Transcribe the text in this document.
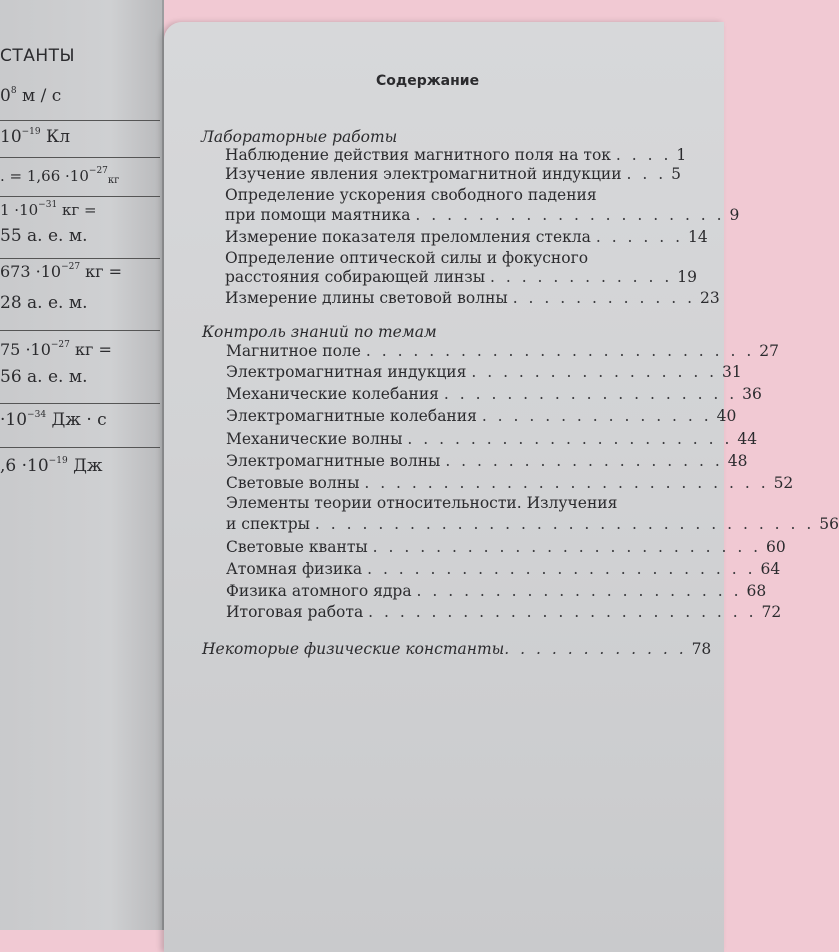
СТАНТЫ
$0^8$ м / с
$10^{-19}$ Кл
. = $1,66 \cdot 10^{-27}_{кг}$
$1 \cdot 10^{-31}$ кг =
55 а. е. м.
$673 \cdot 10^{-27}$ кг =
28 а. е. м.
$75 \cdot 10^{-27}$ кг =
56 а. е. м.
$\cdot 10^{-34}$ Дж · с
$,6 \cdot 10^{-19}$ Дж
Содержание
Лабораторные работы
Наблюдение действия магнитного поля на ток . . . . 1
Изучение явления электромагнитной индукции . . . 5
Определение ускорения свободного падения
при помощи маятника . . . . . . . . . . . . . . . . . . . . 9
Измерение показателя преломления стекла . . . . . . 14
Определение оптической силы и фокусного
расстояния собирающей линзы . . . . . . . . . . . . 19
Измерение длины световой волны . . . . . . . . . . . . 23
Контроль знаний по темам
Магнитное поле . . . . . . . . . . . . . . . . . . . . . . . . . 27
Электромагнитная индукция . . . . . . . . . . . . . . . . 31
Механические колебания . . . . . . . . . . . . . . . . . . . 36
Электромагнитные колебания . . . . . . . . . . . . . . . 40
Механические волны . . . . . . . . . . . . . . . . . . . . . 44
Электромагнитные волны . . . . . . . . . . . . . . . . . . 48
Световые волны . . . . . . . . . . . . . . . . . . . . . . . . . . 52
Элементы теории относительности. Излучения
и спектры . . . . . . . . . . . . . . . . . . . . . . . . . . . . . . . . 56
Световые кванты . . . . . . . . . . . . . . . . . . . . . . . . . 60
Атомная физика . . . . . . . . . . . . . . . . . . . . . . . . . 64
Физика атомного ядра . . . . . . . . . . . . . . . . . . . . . 68
Итоговая работа . . . . . . . . . . . . . . . . . . . . . . . . . 72
Некоторые физические константы. . . . . . . . . . . . 78
